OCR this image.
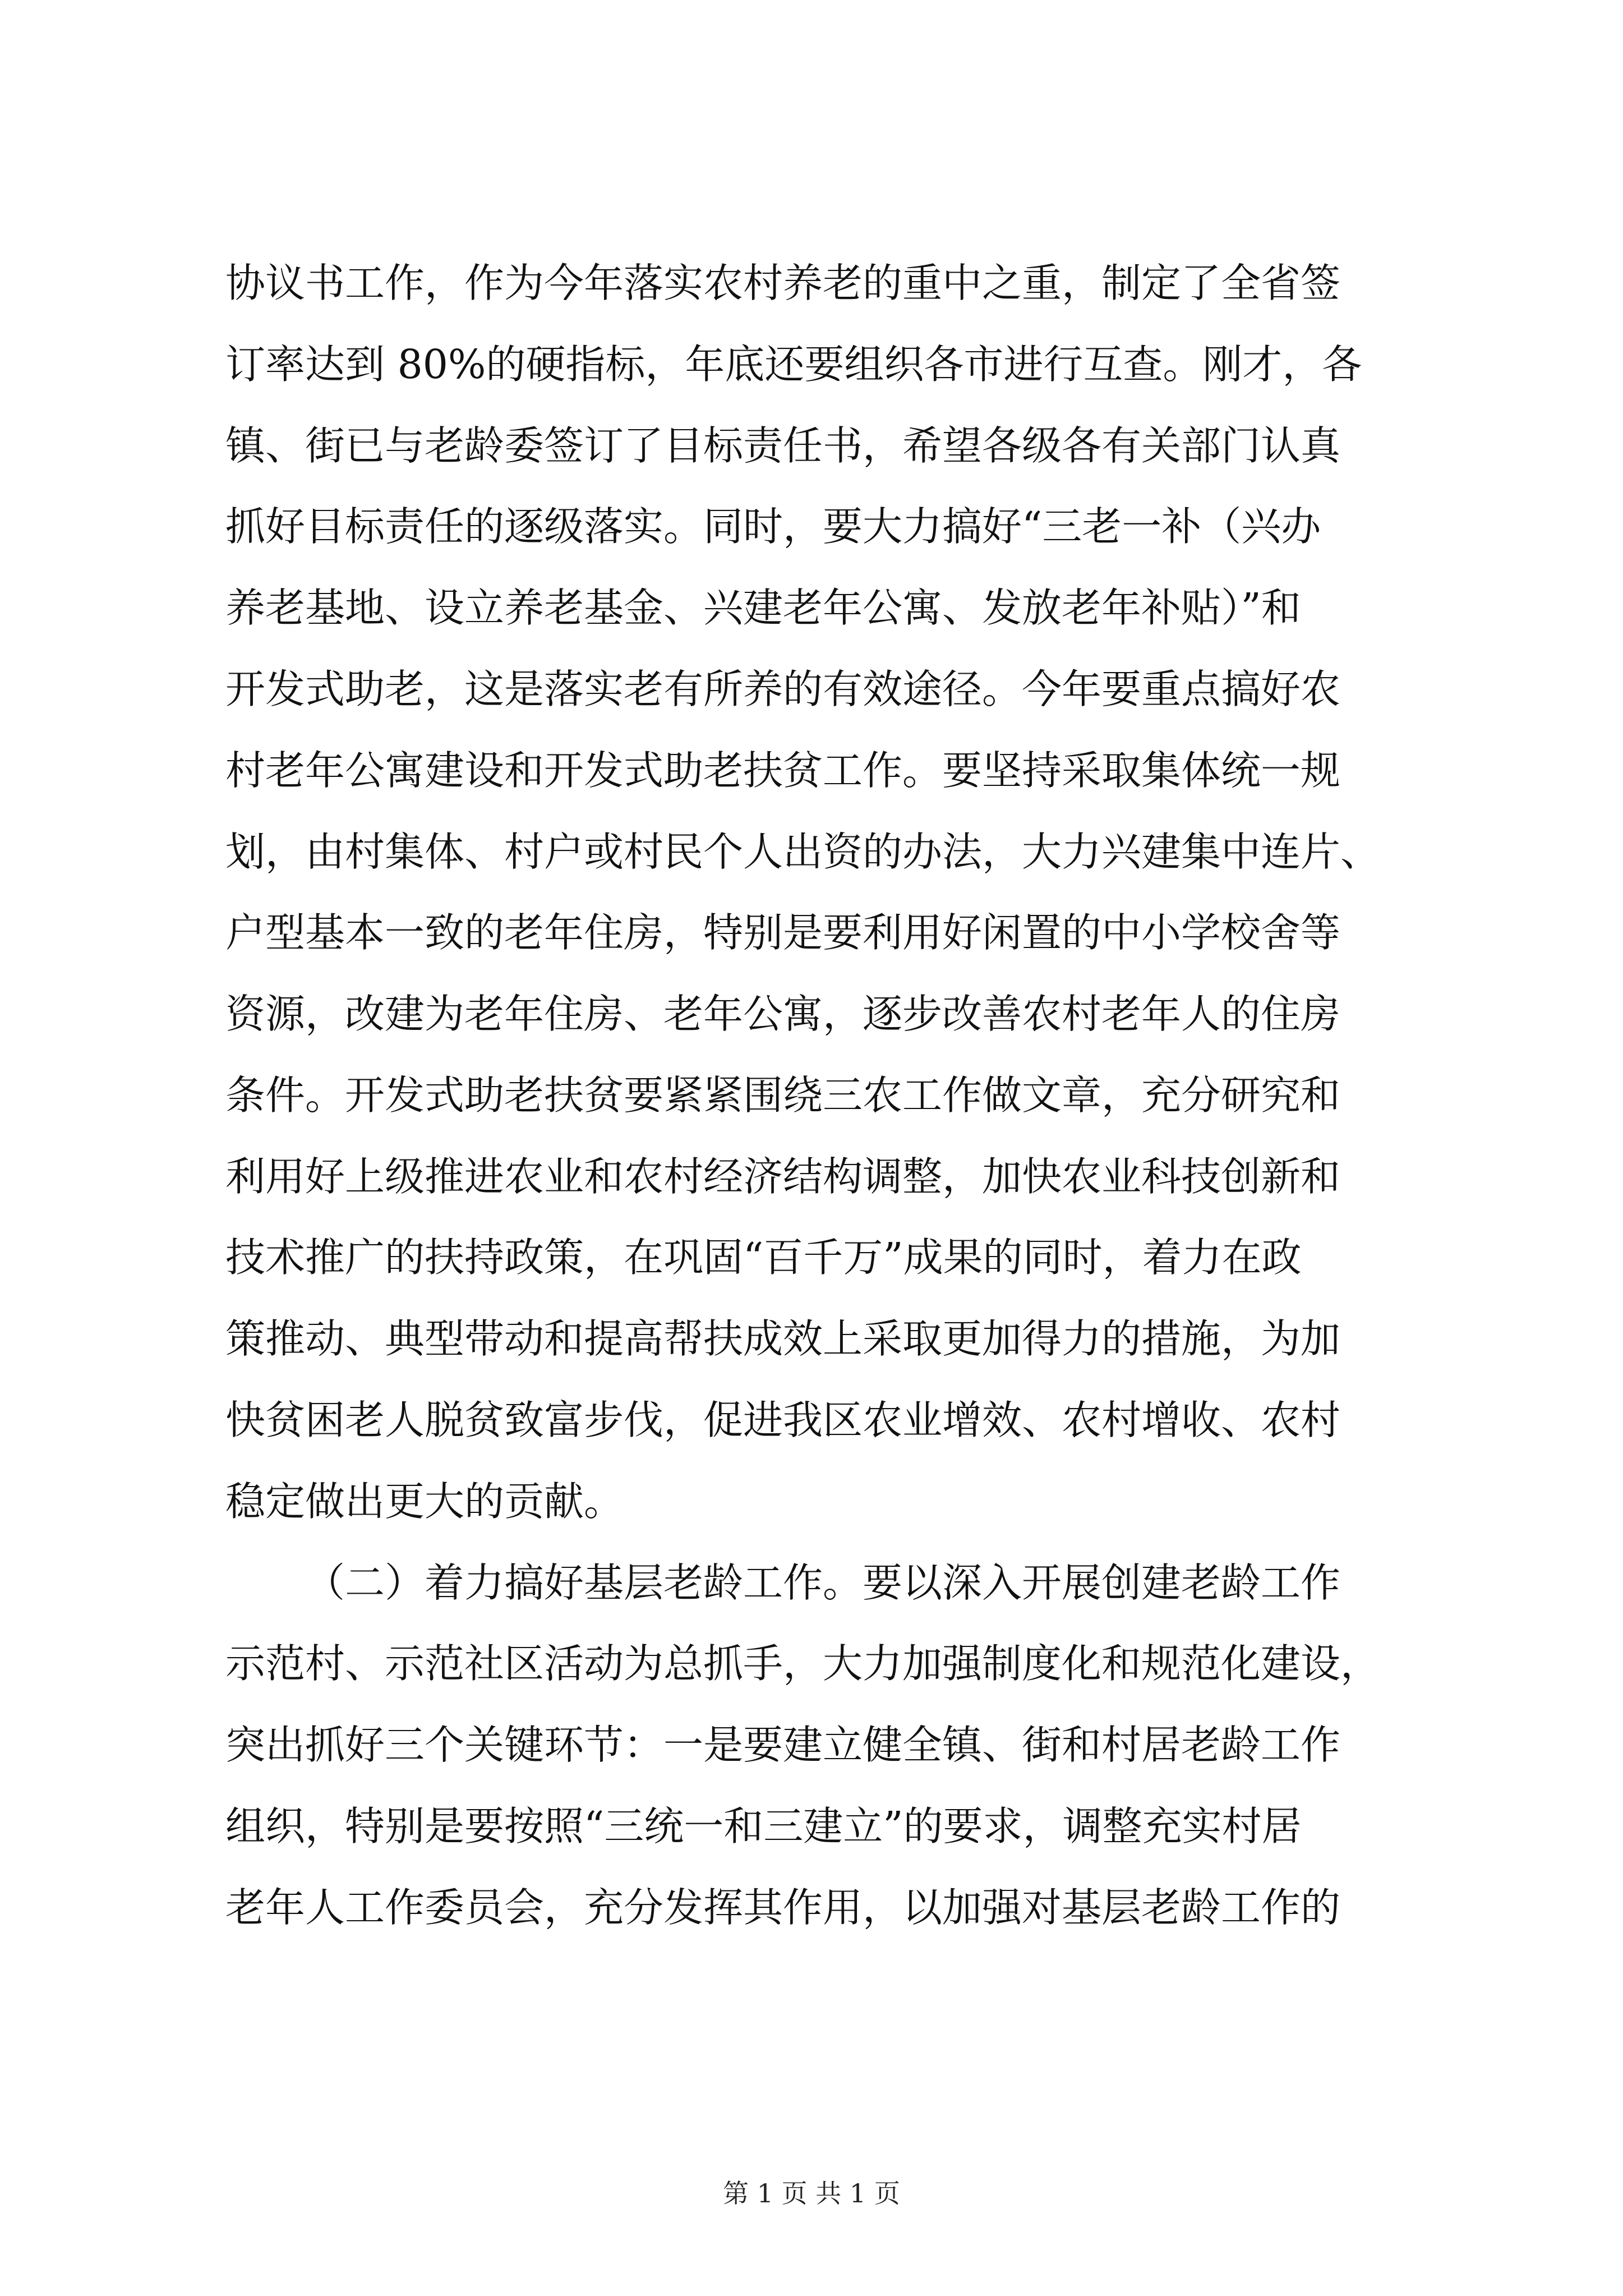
协议书工作，作为今年落实农村养老的重中之重，制定了全省签
订率达到 80%的硬指标，年底还要组织各市进行互查。刚才，各
镇、街已与老龄委签订了目标责任书，希望各级各有关部门认真
抓好目标责任的逐级落实。同时，要大力搞好“三老一补（兴办
养老基地、设立养老基金、兴建老年公寓、发放老年补贴）”和
开发式助老，这是落实老有所养的有效途径。今年要重点搞好农
村老年公寓建设和开发式助老扶贫工作。要坚持采取集体统一规
划，由村集体、村户或村民个人出资的办法，大力兴建集中连片、
户型基本一致的老年住房，特别是要利用好闲置的中小学校舍等
资源，改建为老年住房、老年公寓，逐步改善农村老年人的住房
条件。开发式助老扶贫要紧紧围绕三农工作做文章，充分研究和
利用好上级推进农业和农村经济结构调整，加快农业科技创新和
技术推广的扶持政策，在巩固“百千万”成果的同时，着力在政
策推动、典型带动和提高帮扶成效上采取更加得力的措施，为加
快贫困老人脱贫致富步伐，促进我区农业增效、农村增收、农村
稳定做出更大的贡献。
（二）着力搞好基层老龄工作。要以深入开展创建老龄工作
示范村、示范社区活动为总抓手，大力加强制度化和规范化建设，
突出抓好三个关键环节：一是要建立健全镇、街和村居老龄工作
组织，特别是要按照“三统一和三建立”的要求，调整充实村居
老年人工作委员会，充分发挥其作用，以加强对基层老龄工作的
第 1 页 共 1 页
